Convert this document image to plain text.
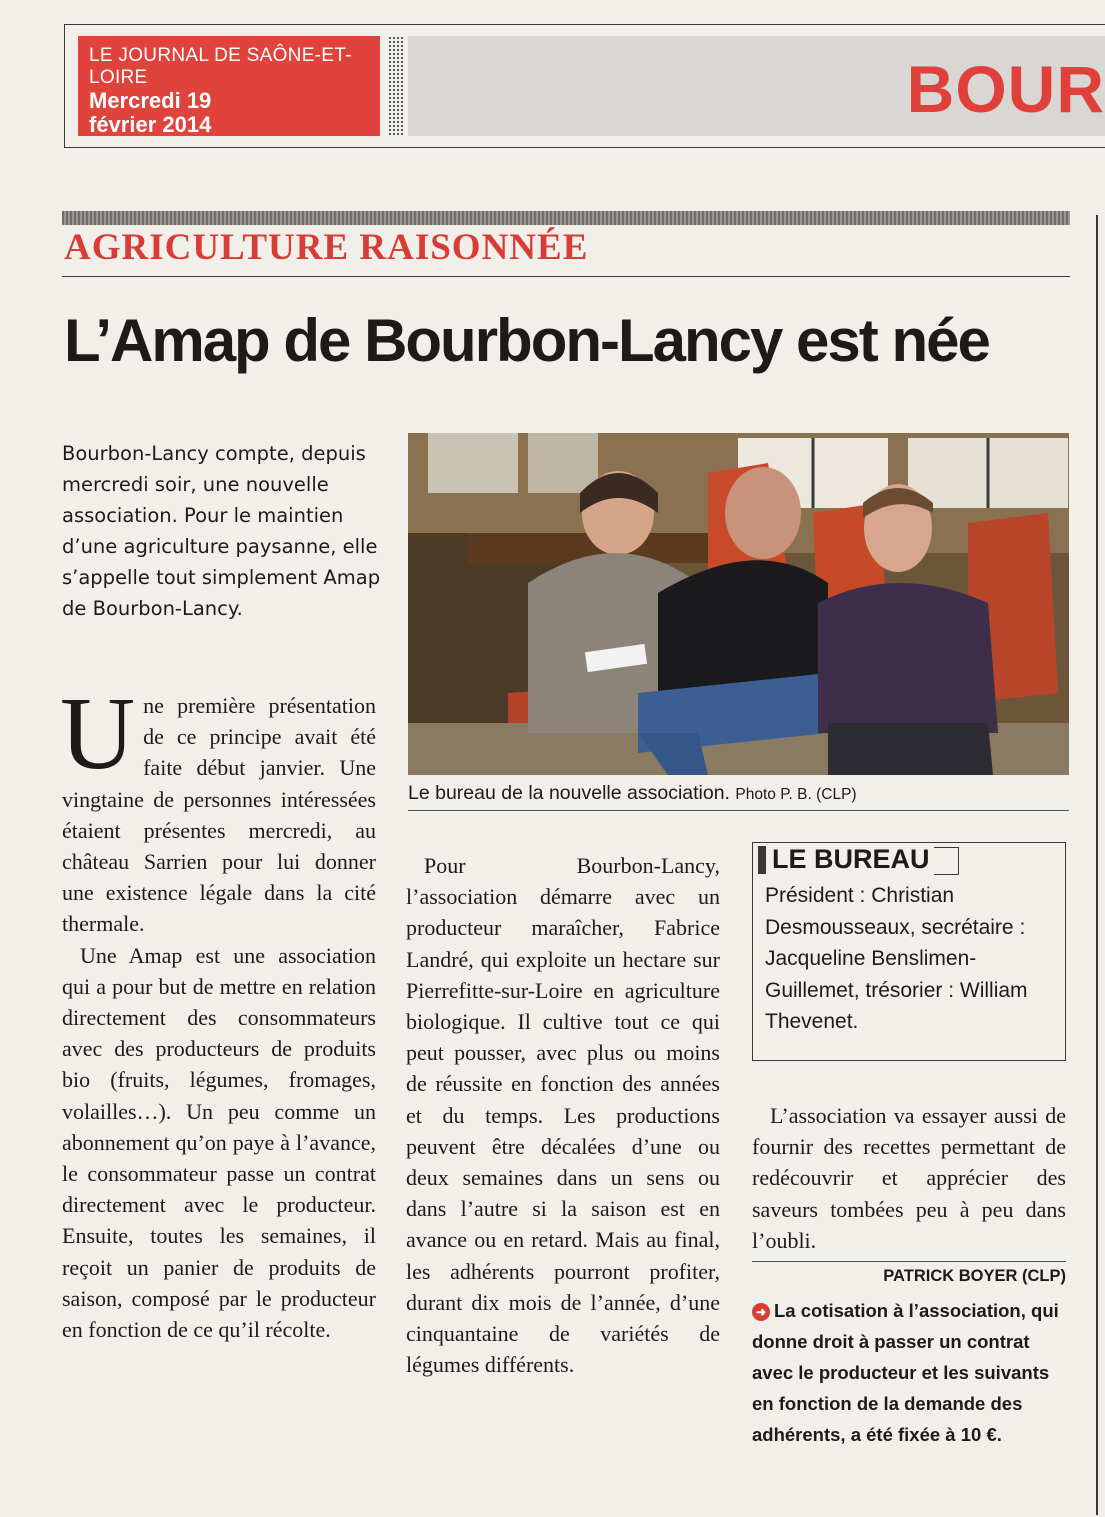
LE JOURNAL DE SAÔNE-ET-LOIRE
Mercredi 19
février 2014	BOUR
AGRICULTURE RAISONNÉE
L’Amap de Bourbon-Lancy est née
Bourbon-Lancy compte, depuis mercredi soir, une nouvelle association. Pour le maintien d’une agriculture paysanne, elle s’appelle tout simplement Amap de Bourbon-Lancy.
Le bureau de la nouvelle association. Photo P. B. (CLP)

Une première présentation de ce principe avait été faite début janvier. Une vingtaine de personnes intéressées étaient présentes mercredi, au château Sarrien pour lui donner une existence légale dans la cité thermale.

Une Amap est une association qui a pour but de mettre en relation directement des consommateurs avec des producteurs de produits bio (fruits, légumes, fromages, volailles…). Un peu comme un abonnement qu’on paye à l’avance, le consommateur passe un contrat directement avec le producteur. Ensuite, toutes les semaines, il reçoit un panier de produits de saison, composé par le producteur en fonction de ce qu’il récolte.

Pour Bourbon-Lancy, l’association démarre avec un producteur maraîcher, Fabrice Landré, qui exploite un hectare sur Pierrefitte-sur-Loire en agriculture biologique. Il cultive tout ce qui peut pousser, avec plus ou moins de réussite en fonction des années et du temps. Les productions peuvent être décalées d’une ou deux semaines dans un sens ou dans l’autre si la saison est en avance ou en retard. Mais au final, les adhérents pourront profiter, durant dix mois de l’année, d’une cinquantaine de variétés de légumes différents.

LE BUREAU
Président : Christian Desmousseaux, secrétaire : Jacqueline Benslimen-Guillemet, trésorier : William Thevenet.

L’association va essayer aussi de fournir des recettes permettant de redécouvrir et apprécier des saveurs tombées peu à peu dans l’oubli.

PATRICK BOYER (CLP)
➜ La cotisation à l’association, qui donne droit à passer un contrat avec le producteur et les suivants en fonction de la demande des adhérents, a été fixée à 10 €.
